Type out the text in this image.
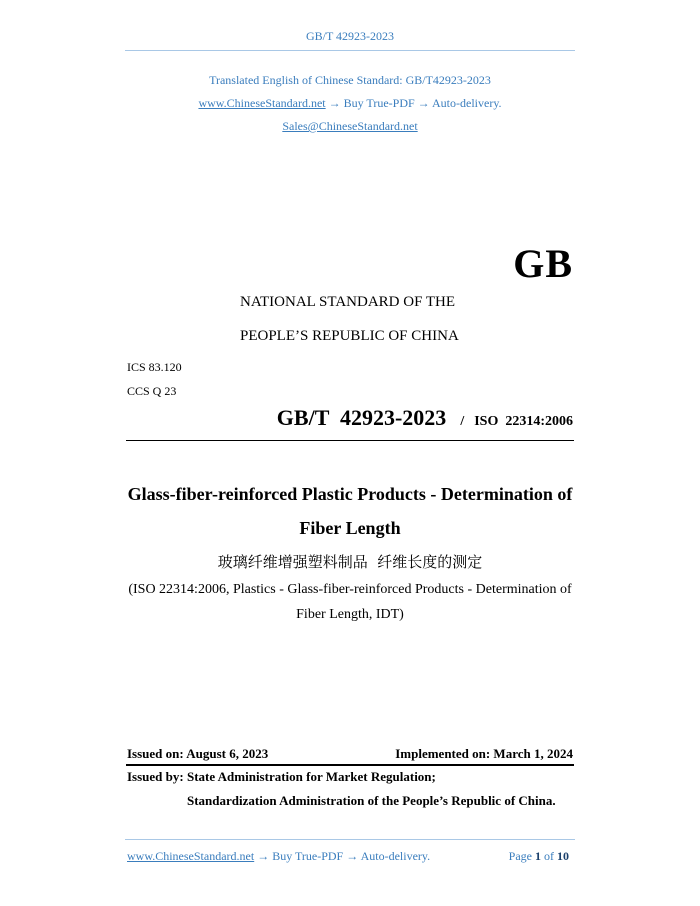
GB/T 42923-2023
Translated English of Chinese Standard: GB/T42923-2023
www.ChineseStandard.net → Buy True-PDF → Auto-delivery.
Sales@ChineseStandard.net
GB
NATIONAL STANDARD OF THE
PEOPLE’S REPUBLIC OF CHINA
ICS 83.120
CCS Q 23
GB/T  42923-2023 / ISO  22314:2006
Glass-fiber-reinforced Plastic Products - Determination of
Fiber Length
玻璃纤维增强塑料制品  纤维长度的测定
(ISO 22314:2006, Plastics - Glass-fiber-reinforced Products - Determination of
Fiber Length, IDT)
Issued on: August 6, 2023	Implemented on: March 1, 2024
Issued by: State Administration for Market Regulation;
Standardization Administration of the People’s Republic of China.
www.ChineseStandard.net → Buy True-PDF → Auto-delivery.	Page 1 of 10
